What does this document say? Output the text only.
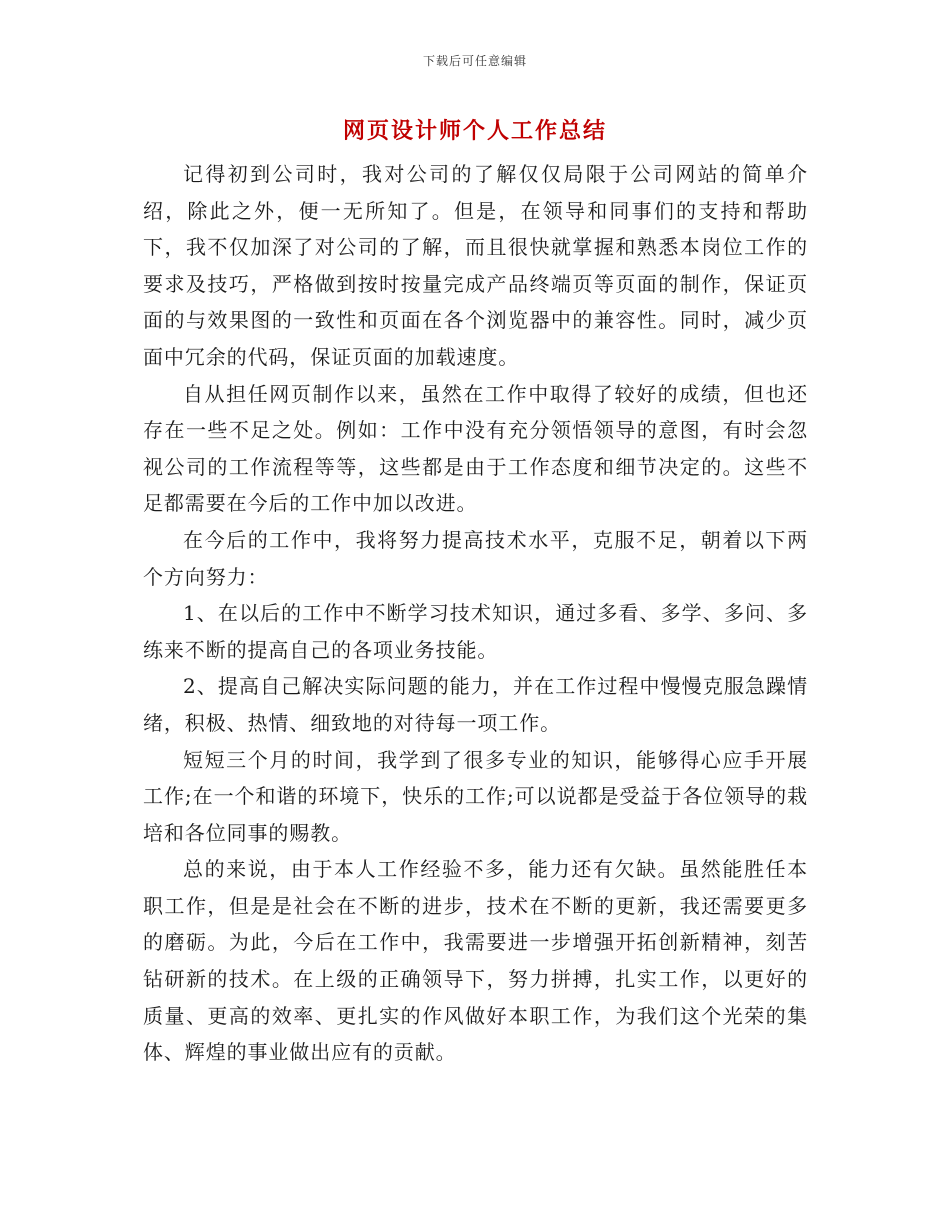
下载后可任意编辑
网页设计师个人工作总结

记得初到公司时，我对公司的了解仅仅局限于公司网站的简单介绍，除此之外，便一无所知了。但是，在领导和同事们的支持和帮助下，我不仅加深了对公司的了解，而且很快就掌握和熟悉本岗位工作的要求及技巧，严格做到按时按量完成产品终端页等页面的制作，保证页面的与效果图的一致性和页面在各个浏览器中的兼容性。同时，减少页面中冗余的代码，保证页面的加载速度。

自从担任网页制作以来，虽然在工作中取得了较好的成绩，但也还存在一些不足之处。例如：工作中没有充分领悟领导的意图，有时会忽视公司的工作流程等等，这些都是由于工作态度和细节决定的。这些不足都需要在今后的工作中加以改进。

在今后的工作中，我将努力提高技术水平，克服不足，朝着以下两个方向努力：

1、在以后的工作中不断学习技术知识，通过多看、多学、多问、多练来不断的提高自己的各项业务技能。

2、提高自己解决实际问题的能力，并在工作过程中慢慢克服急躁情绪，积极、热情、细致地的对待每一项工作。

短短三个月的时间，我学到了很多专业的知识，能够得心应手开展工作;在一个和谐的环境下，快乐的工作;可以说都是受益于各位领导的栽培和各位同事的赐教。

总的来说，由于本人工作经验不多，能力还有欠缺。虽然能胜任本职工作，但是是社会在不断的进步，技术在不断的更新，我还需要更多的磨砺。为此，今后在工作中，我需要进一步增强开拓创新精神，刻苦钻研新的技术。在上级的正确领导下，努力拼搏，扎实工作，以更好的质量、更高的效率、更扎实的作风做好本职工作，为我们这个光荣的集体、辉煌的事业做出应有的贡献。
